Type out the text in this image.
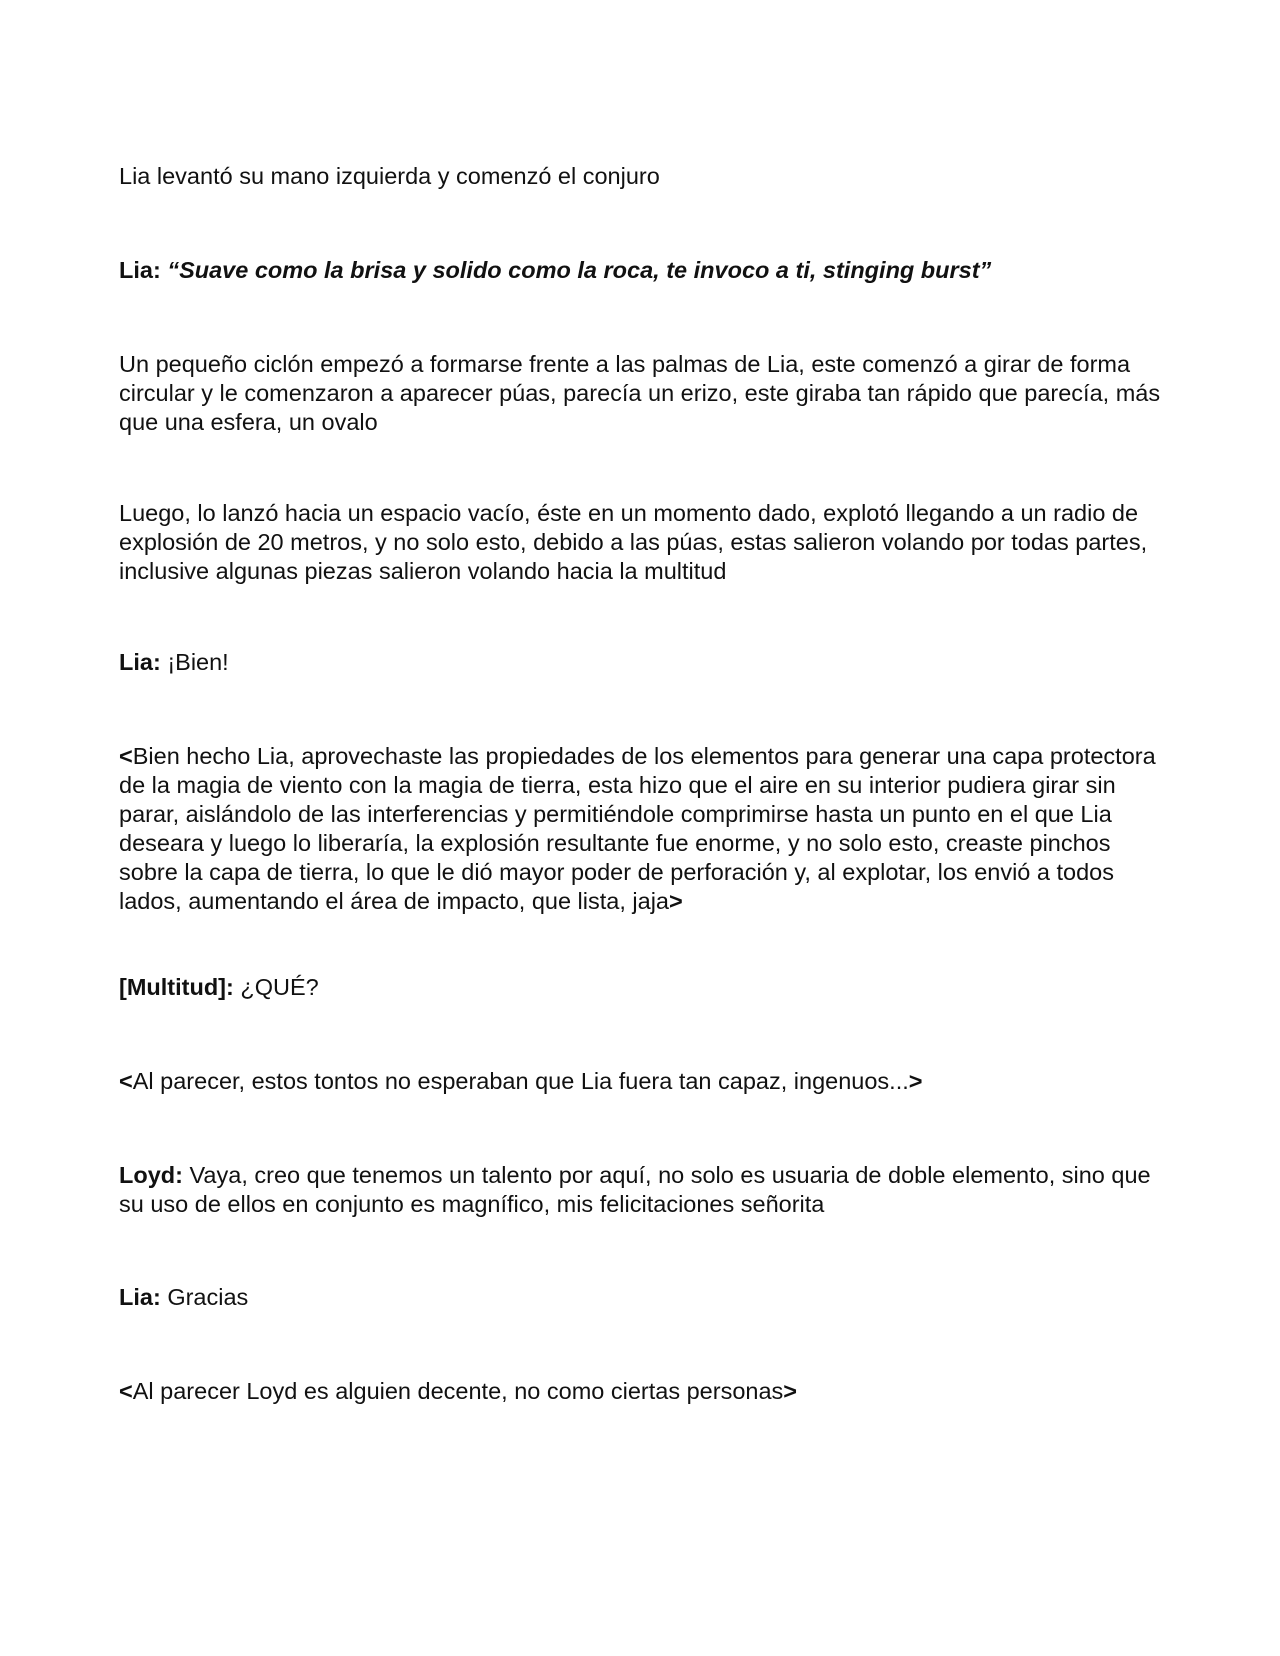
Lia levantó su mano izquierda y comenzó el conjuro

Lia: “Suave como la brisa y solido como la roca, te invoco a ti, stinging burst”

Un pequeño ciclón empezó a formarse frente a las palmas de Lia, este comenzó a girar de forma circular y le comenzaron a aparecer púas, parecía un erizo, este giraba tan rápido que parecía, más que una esfera, un ovalo

Luego, lo lanzó hacia un espacio vacío, éste en un momento dado, explotó llegando a un radio de explosión de 20 metros, y no solo esto, debido a las púas, estas salieron volando por todas partes, inclusive algunas piezas salieron volando hacia la multitud

Lia: ¡Bien!

<Bien hecho Lia, aprovechaste las propiedades de los elementos para generar una capa protectora de la magia de viento con la magia de tierra, esta hizo que el aire en su interior pudiera girar sin parar, aislándolo de las interferencias y permitiéndole comprimirse hasta un punto en el que Lia deseara y luego lo liberaría, la explosión resultante fue enorme, y no solo esto, creaste pinchos sobre la capa de tierra, lo que le dió mayor poder de perforación y, al explotar, los envió a todos lados, aumentando el área de impacto, que lista, jaja>

[Multitud]: ¿QUÉ?

<Al parecer, estos tontos no esperaban que Lia fuera tan capaz, ingenuos...>

Loyd: Vaya, creo que tenemos un talento por aquí, no solo es usuaria de doble elemento, sino que su uso de ellos en conjunto es magnífico, mis felicitaciones señorita

Lia: Gracias

<Al parecer Loyd es alguien decente, no como ciertas personas>
